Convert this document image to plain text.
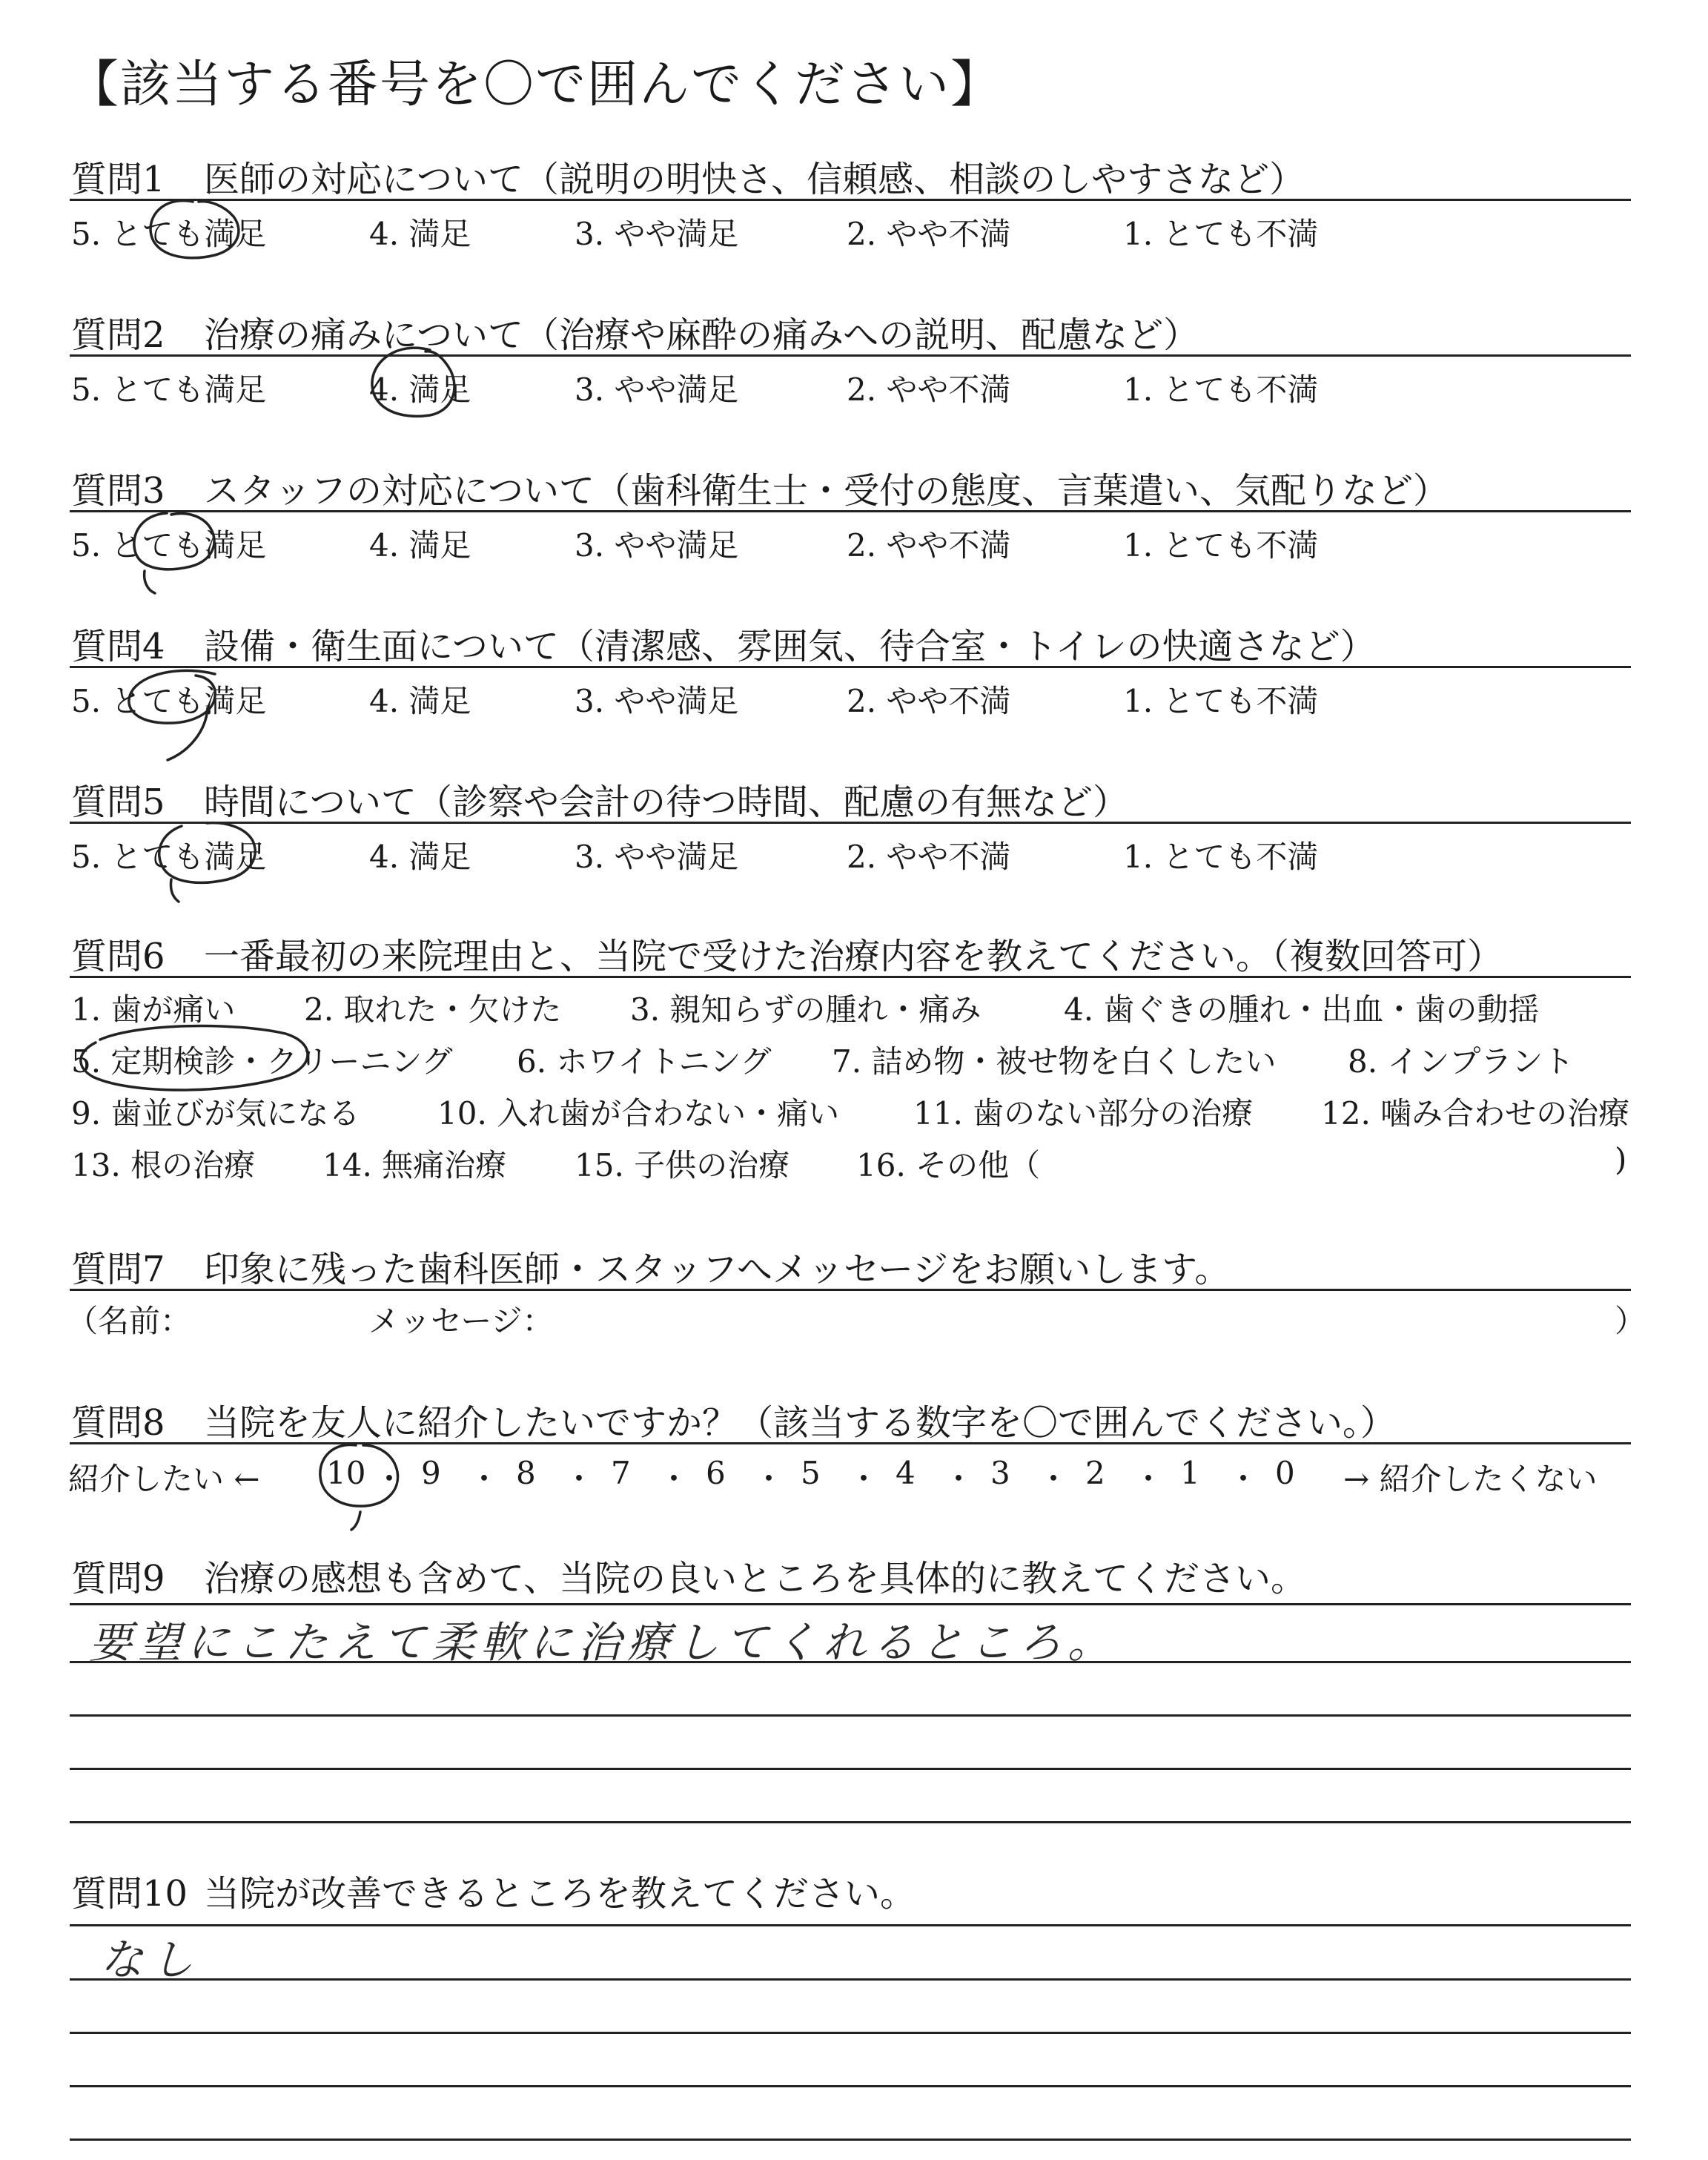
【該当する番号を〇で囲んでください】
質問1 医師の対応について（説明の明快さ、信頼感、相談のしやすさなど）
5. とても満足	4. 満足	3. やや満足	2. やや不満	1. とても不満
質問2 治療の痛みについて（治療や麻酔の痛みへの説明、配慮など）
5. とても満足	4. 満足	3. やや満足	2. やや不満	1. とても不満
質問3 スタッフの対応について（歯科衛生士・受付の態度、言葉遣い、気配りなど）
5. とても満足	4. 満足	3. やや満足	2. やや不満	1. とても不満
質問4 設備・衛生面について（清潔感、雰囲気、待合室・トイレの快適さなど）
5. とても満足	4. 満足	3. やや満足	2. やや不満	1. とても不満
質問5 時間について（診察や会計の待つ時間、配慮の有無など）
5. とても満足	4. 満足	3. やや満足	2. やや不満	1. とても不満
質問6 一番最初の来院理由と、当院で受けた治療内容を教えてください。（複数回答可）
1. 歯が痛い 2. 取れた・欠けた 3. 親知らずの腫れ・痛み	4. 歯ぐきの腫れ・出血・歯の動揺
5. 定期検診・クリーニング 6. ホワイトニング 7. 詰め物・被せ物を白くしたい 8. インプラント
9. 歯並びが気になる 10. 入れ歯が合わない・痛い 11. 歯のない部分の治療 12. 噛み合わせの治療
13. 根の治療 14. 無痛治療 15. 子供の治療 16. その他（	)
質問7 印象に残った歯科医師・スタッフへメッセージをお願いします。
（名前：	メッセージ：	）
質問8 当院を友人に紹介したいですか？（該当する数字を〇で囲んでください。）
紹介したい ← 10 ・ 9 ・ 8 ・ 7 ・ 6 ・ 5 ・ 4 ・ 3 ・ 2 ・ 1 ・ 0 → 紹介したくない
質問9 治療の感想も含めて、当院の良いところを具体的に教えてください。
要望にこたえて柔軟に治療してくれるところ。
質問10 当院が改善できるところを教えてください。
なし
